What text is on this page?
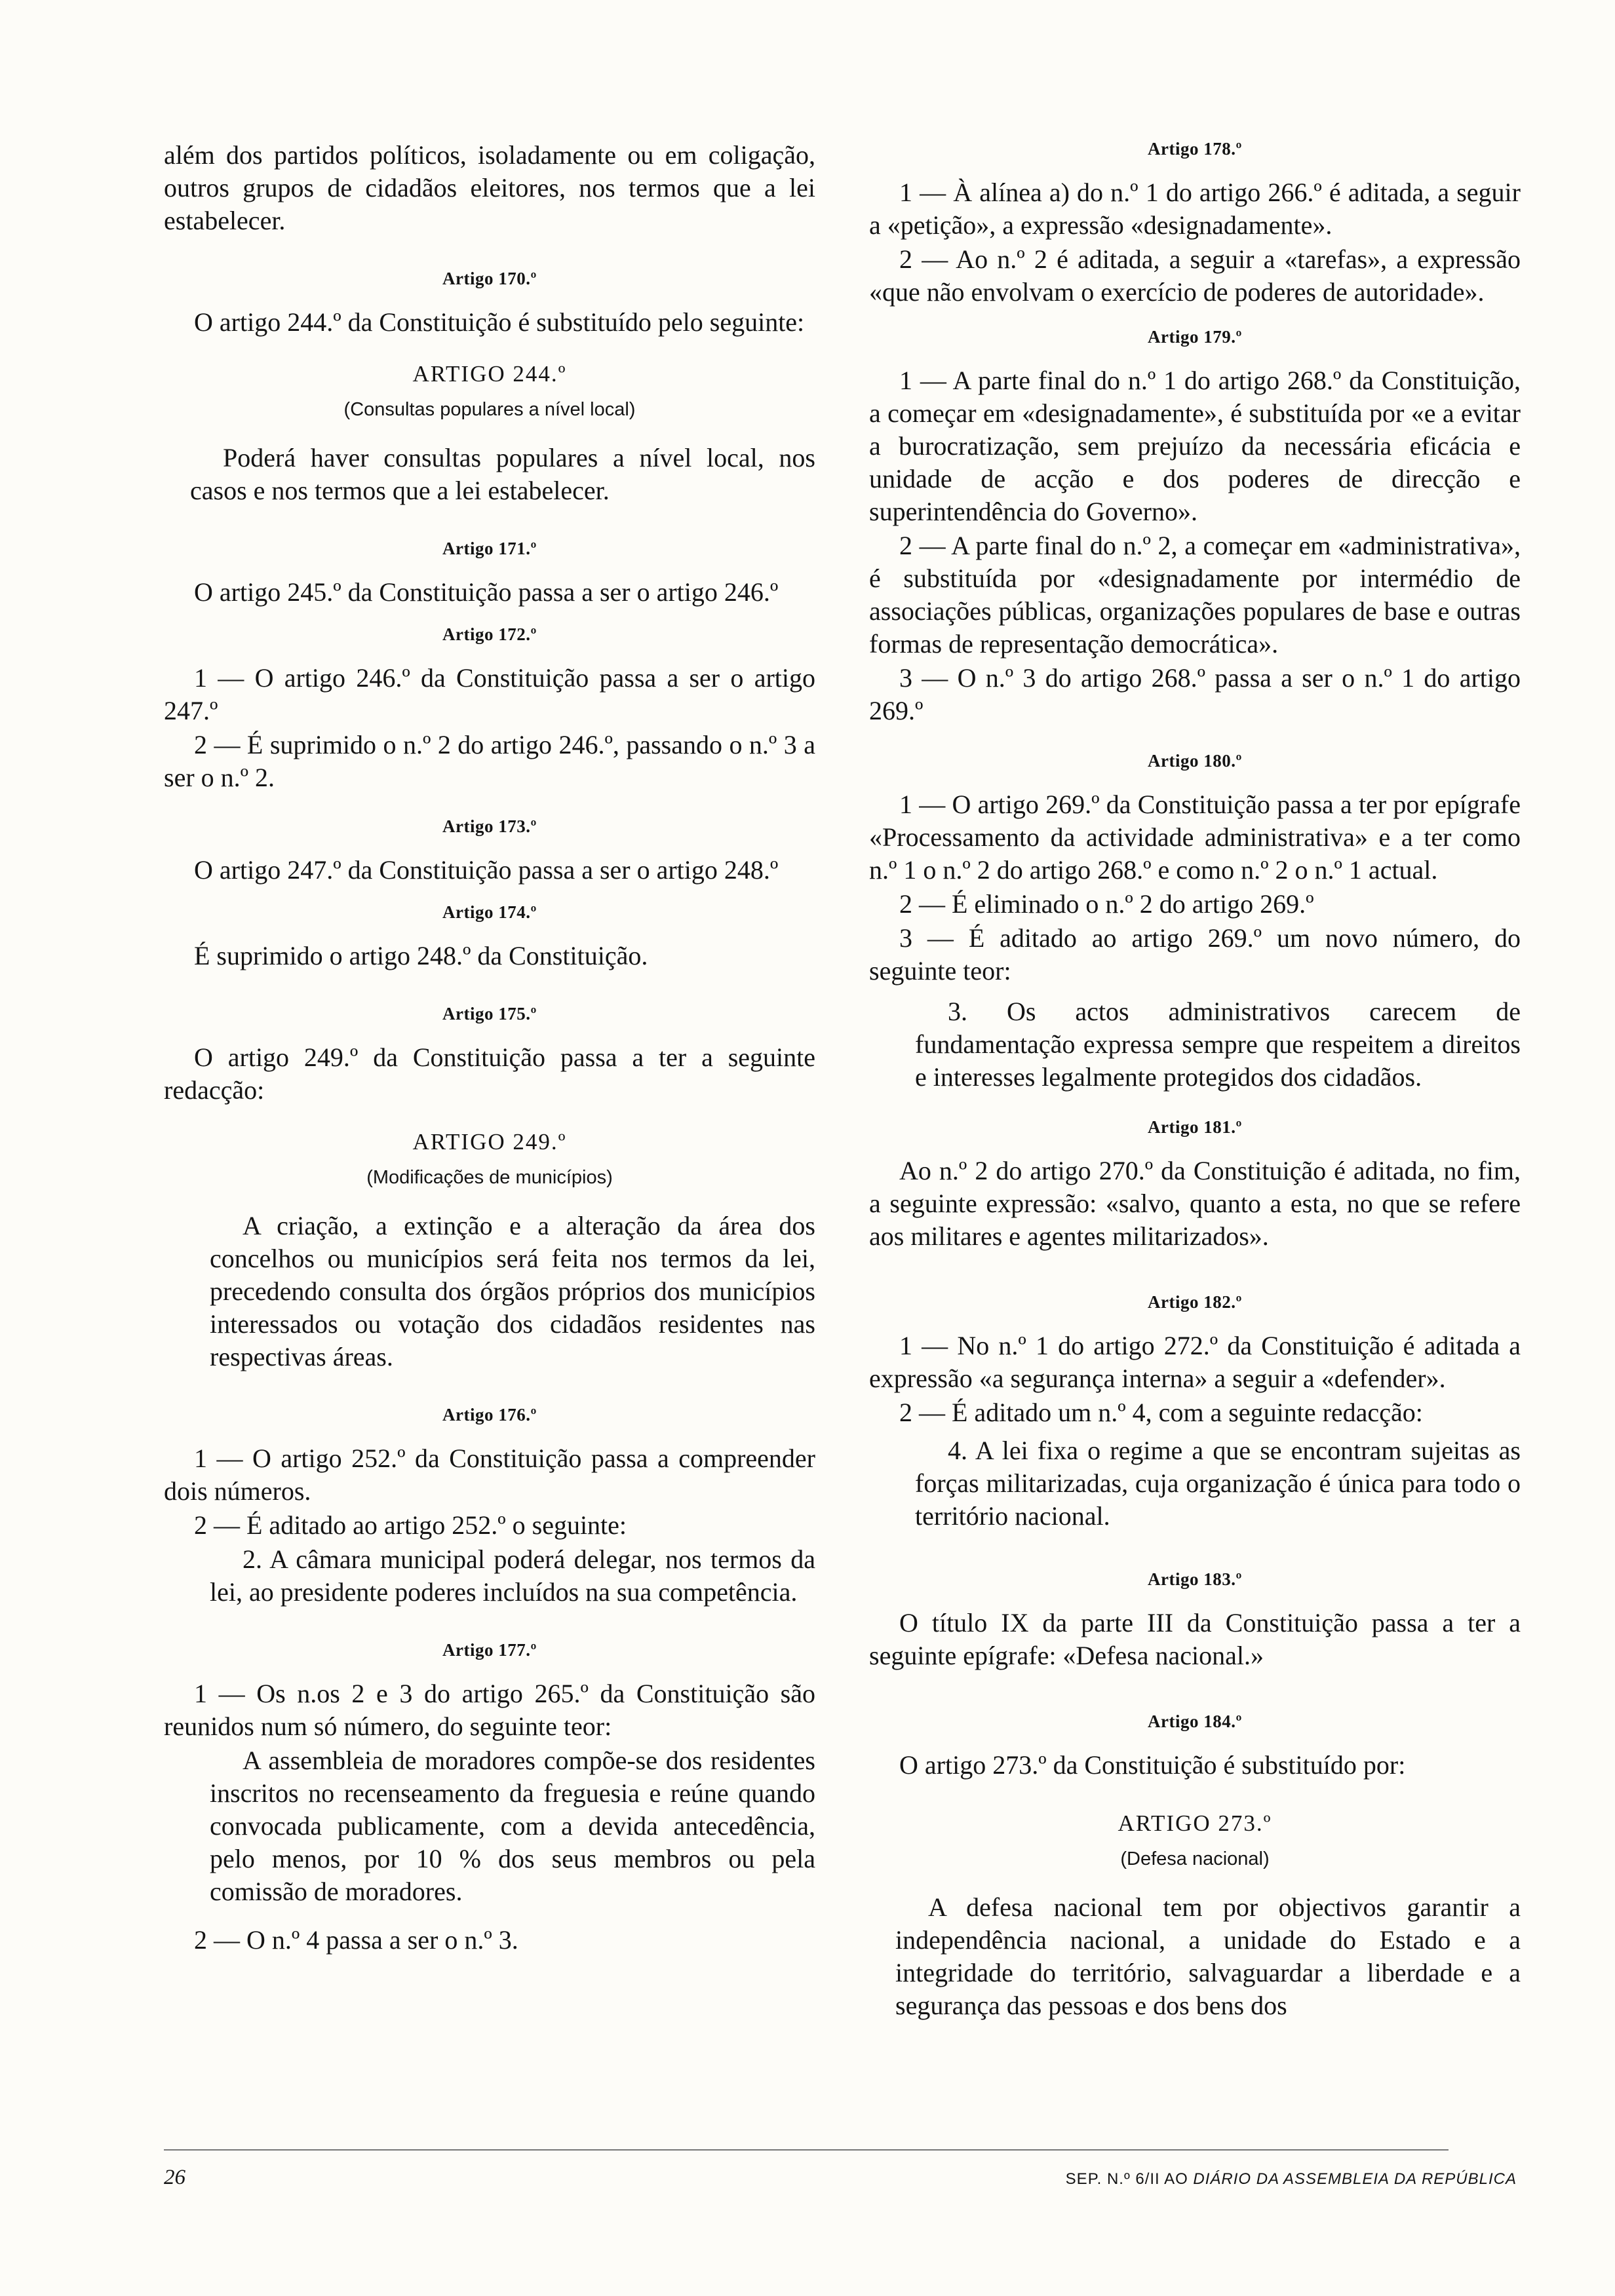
além dos partidos políticos, isoladamente ou em coligação, outros grupos de cidadãos eleitores, nos termos que a lei estabelecer.

Artigo 170.º

O artigo 244.º da Constituição é substituído pelo seguinte:

ARTIGO 244.º
(Consultas populares a nível local)

Poderá haver consultas populares a nível local, nos casos e nos termos que a lei estabelecer.

Artigo 171.º

O artigo 245.º da Constituição passa a ser o artigo 246.º

Artigo 172.º

1 — O artigo 246.º da Constituição passa a ser o artigo 247.º

2 — É suprimido o n.º 2 do artigo 246.º, passando o n.º 3 a ser o n.º 2.

Artigo 173.º

O artigo 247.º da Constituição passa a ser o artigo 248.º

Artigo 174.º

É suprimido o artigo 248.º da Constituição.

Artigo 175.º

O artigo 249.º da Constituição passa a ter a seguinte redacção:

ARTIGO 249.º
(Modificações de municípios)

A criação, a extinção e a alteração da área dos concelhos ou municípios será feita nos termos da lei, precedendo consulta dos órgãos próprios dos municípios interessados ou votação dos cidadãos residentes nas respectivas áreas.

Artigo 176.º

1 — O artigo 252.º da Constituição passa a compreender dois números.

2 — É aditado ao artigo 252.º o seguinte:

2. A câmara municipal poderá delegar, nos termos da lei, ao presidente poderes incluídos na sua competência.

Artigo 177.º

1 — Os n.os 2 e 3 do artigo 265.º da Constituição são reunidos num só número, do seguinte teor:

A assembleia de moradores compõe-se dos residentes inscritos no recenseamento da freguesia e reúne quando convocada publicamente, com a devida antecedência, pelo menos, por 10 % dos seus membros ou pela comissão de moradores.

2 — O n.º 4 passa a ser o n.º 3.

Artigo 178.º

1 — À alínea a) do n.º 1 do artigo 266.º é aditada, a seguir a «petição», a expressão «designadamente».

2 — Ao n.º 2 é aditada, a seguir a «tarefas», a expressão «que não envolvam o exercício de poderes de autoridade».

Artigo 179.º

1 — A parte final do n.º 1 do artigo 268.º da Constituição, a começar em «designadamente», é substituída por «e a evitar a burocratização, sem prejuízo da necessária eficácia e unidade de acção e dos poderes de direcção e superintendência do Governo».

2 — A parte final do n.º 2, a começar em «administrativa», é substituída por «designadamente por intermédio de associações públicas, organizações populares de base e outras formas de representação democrática».

3 — O n.º 3 do artigo 268.º passa a ser o n.º 1 do artigo 269.º

Artigo 180.º

1 — O artigo 269.º da Constituição passa a ter por epígrafe «Processamento da actividade administrativa» e a ter como n.º 1 o n.º 2 do artigo 268.º e como n.º 2 o n.º 1 actual.

2 — É eliminado o n.º 2 do artigo 269.º

3 — É aditado ao artigo 269.º um novo número, do seguinte teor:

3. Os actos administrativos carecem de fundamentação expressa sempre que respeitem a direitos e interesses legalmente protegidos dos cidadãos.

Artigo 181.º

Ao n.º 2 do artigo 270.º da Constituição é aditada, no fim, a seguinte expressão: «salvo, quanto a esta, no que se refere aos militares e agentes militarizados».

Artigo 182.º

1 — No n.º 1 do artigo 272.º da Constituição é aditada a expressão «a segurança interna» a seguir a «defender».

2 — É aditado um n.º 4, com a seguinte redacção:

4. A lei fixa o regime a que se encontram sujeitas as forças militarizadas, cuja organização é única para todo o território nacional.

Artigo 183.º

O título IX da parte III da Constituição passa a ter a seguinte epígrafe: «Defesa nacional.»

Artigo 184.º

O artigo 273.º da Constituição é substituído por:

ARTIGO 273.º
(Defesa nacional)

A defesa nacional tem por objectivos garantir a independência nacional, a unidade do Estado e a integridade do território, salvaguardar a liberdade e a segurança das pessoas e dos bens dos

26	SEP. N.º 6/II AO DIÁRIO DA ASSEMBLEIA DA REPÚBLICA
